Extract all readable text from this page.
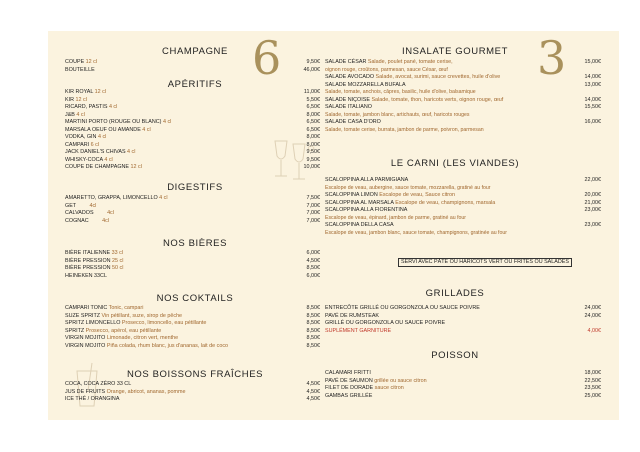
6
CHAMPAGNE
COUPE 12 cl	9,50€
BOUTEILLE	46,00€
APÉRITIFS
KIR ROYAL 12 cl	11,00€
KIR 12 cl	5,50€
RICARD, PASTIS 4 cl	6,50€
J&B 4 cl	8,00€
MARTINI PORTO (ROUGE OU BLANC) 4 cl	6,50€
MARSALA OEUF OU AMANDE 4 cl	6,50€
VODKA, GIN 4 cl	8,00€
CAMPARI 6 cl	8,00€
JACK DANIEL'S CHIVAS 4 cl	9,50€
WHISKY-COCA 4 cl	9,50€
COUPE DE CHAMPAGNE 12 cl	10,00€
DIGESTIFS
AMARETTO, GRAPPA, LIMONCELLO 4 cl	7,50€
GET	4cl	7,00€
CALVADOS	4cl	7,00€
COGNAC	4cl	7,00€
NOS BIÈRES
BIÈRE ITALIENNE 33 cl	6,00€
BIÈRE PRESSION 25 cl	4,50€
BIÈRE PRESSION 50 cl	8,50€
HEINEKEN 33CL	6,00€
NOS COKTAILS
CAMPARI TONIC Tonic, campari	8,50€
SUZE SPRITZ Vin pétillant, suze, sirop de pêche	8,50€
SPRITZ LIMONCELLO Prosecco, limoncello, eau pétillante	8,50€
SPRITZ Prosecco, apérol, eau pétillante	8,50€
VIRGIN MOJITO Limonade, citron vert, menthe	8,50€
VIRGIN MOJITO Piña colada, rhum blanc, jus d'ananas, lait de coco	8,50€
NOS BOISSONS FRAÎCHES
COCA, COCA ZÉRO 33 CL	4,50€
JUS DE FRUITS Orange, abricot, ananas, pomme	4,50€
ICE THÉ / ORANGINA	4,50€
3
INSALATE GOURMET
SALADE CÉSAR Salade, poulet pané, tomate cerise,	15,00€
oignon rouge, croûtons, parmesan, sauce César, œuf
SALADE AVOCADO Salade, avocat, surimi, sauce crevettes, huile d'olive	14,00€
SALADE MOZZARELLA BUFALA	13,00€
Salade, tomate, anchois, câpres, basilic, huile d'olive, balsamique
SALADE NIÇOISE Salade, tomate, thon, haricots verts, oignon rouge, œuf	14,00€
SALADE ITALIANO	15,50€
Salade, tomate, jambon blanc, artichauts, œuf, haricots rouges
SALADE CASA D'ORO	16,00€
Salade, tomate cerise, burrata, jambon de parme, poivron, parmesan
LE CARNI (LES VIANDES)
SCALOPPINA ALLA PARMIGIANA	22,00€
Escalope de veau, aubergine, sauce tomate, mozzarella, gratiné au four
SCALOPPINA LIMON Escalope de veau, Sauce citron	20,00€
SCALOPPINA AL MARSALA Escalope de veau, champignons, marsala	21,00€
SCALOPPINA ALLA FIORENTINA	23,00€
Escalope de veau, épinard, jambon de parme, gratiné au four
SCALOPPINA DELLA CASA	23,00€
Escalope de veau, jambon blanc, sauce tomate, champignons, gratinée au four
SERVI AVEC PÂTE OU HARICOTS VERT OU FRITES OU SALADES
GRILLADES
ENTRECÔTE GRILLÉ OU GORGONZOLA OU SAUCE POIVRE	24,00€
PAVÉ DE RUMSTEAK	24,00€
GRILLÉ OU GORGONZOLA OU SAUCE POIVRE
SUPLÉMENT GARNITURE	4,00€
POISSON
CALAMARI FRITTI	18,00€
PAVÉ DE SAUMON grillée ou sauce citron	22,50€
FILET DE DORADE sauce citron	23,50€
GAMBAS GRILLÉE	25,00€
